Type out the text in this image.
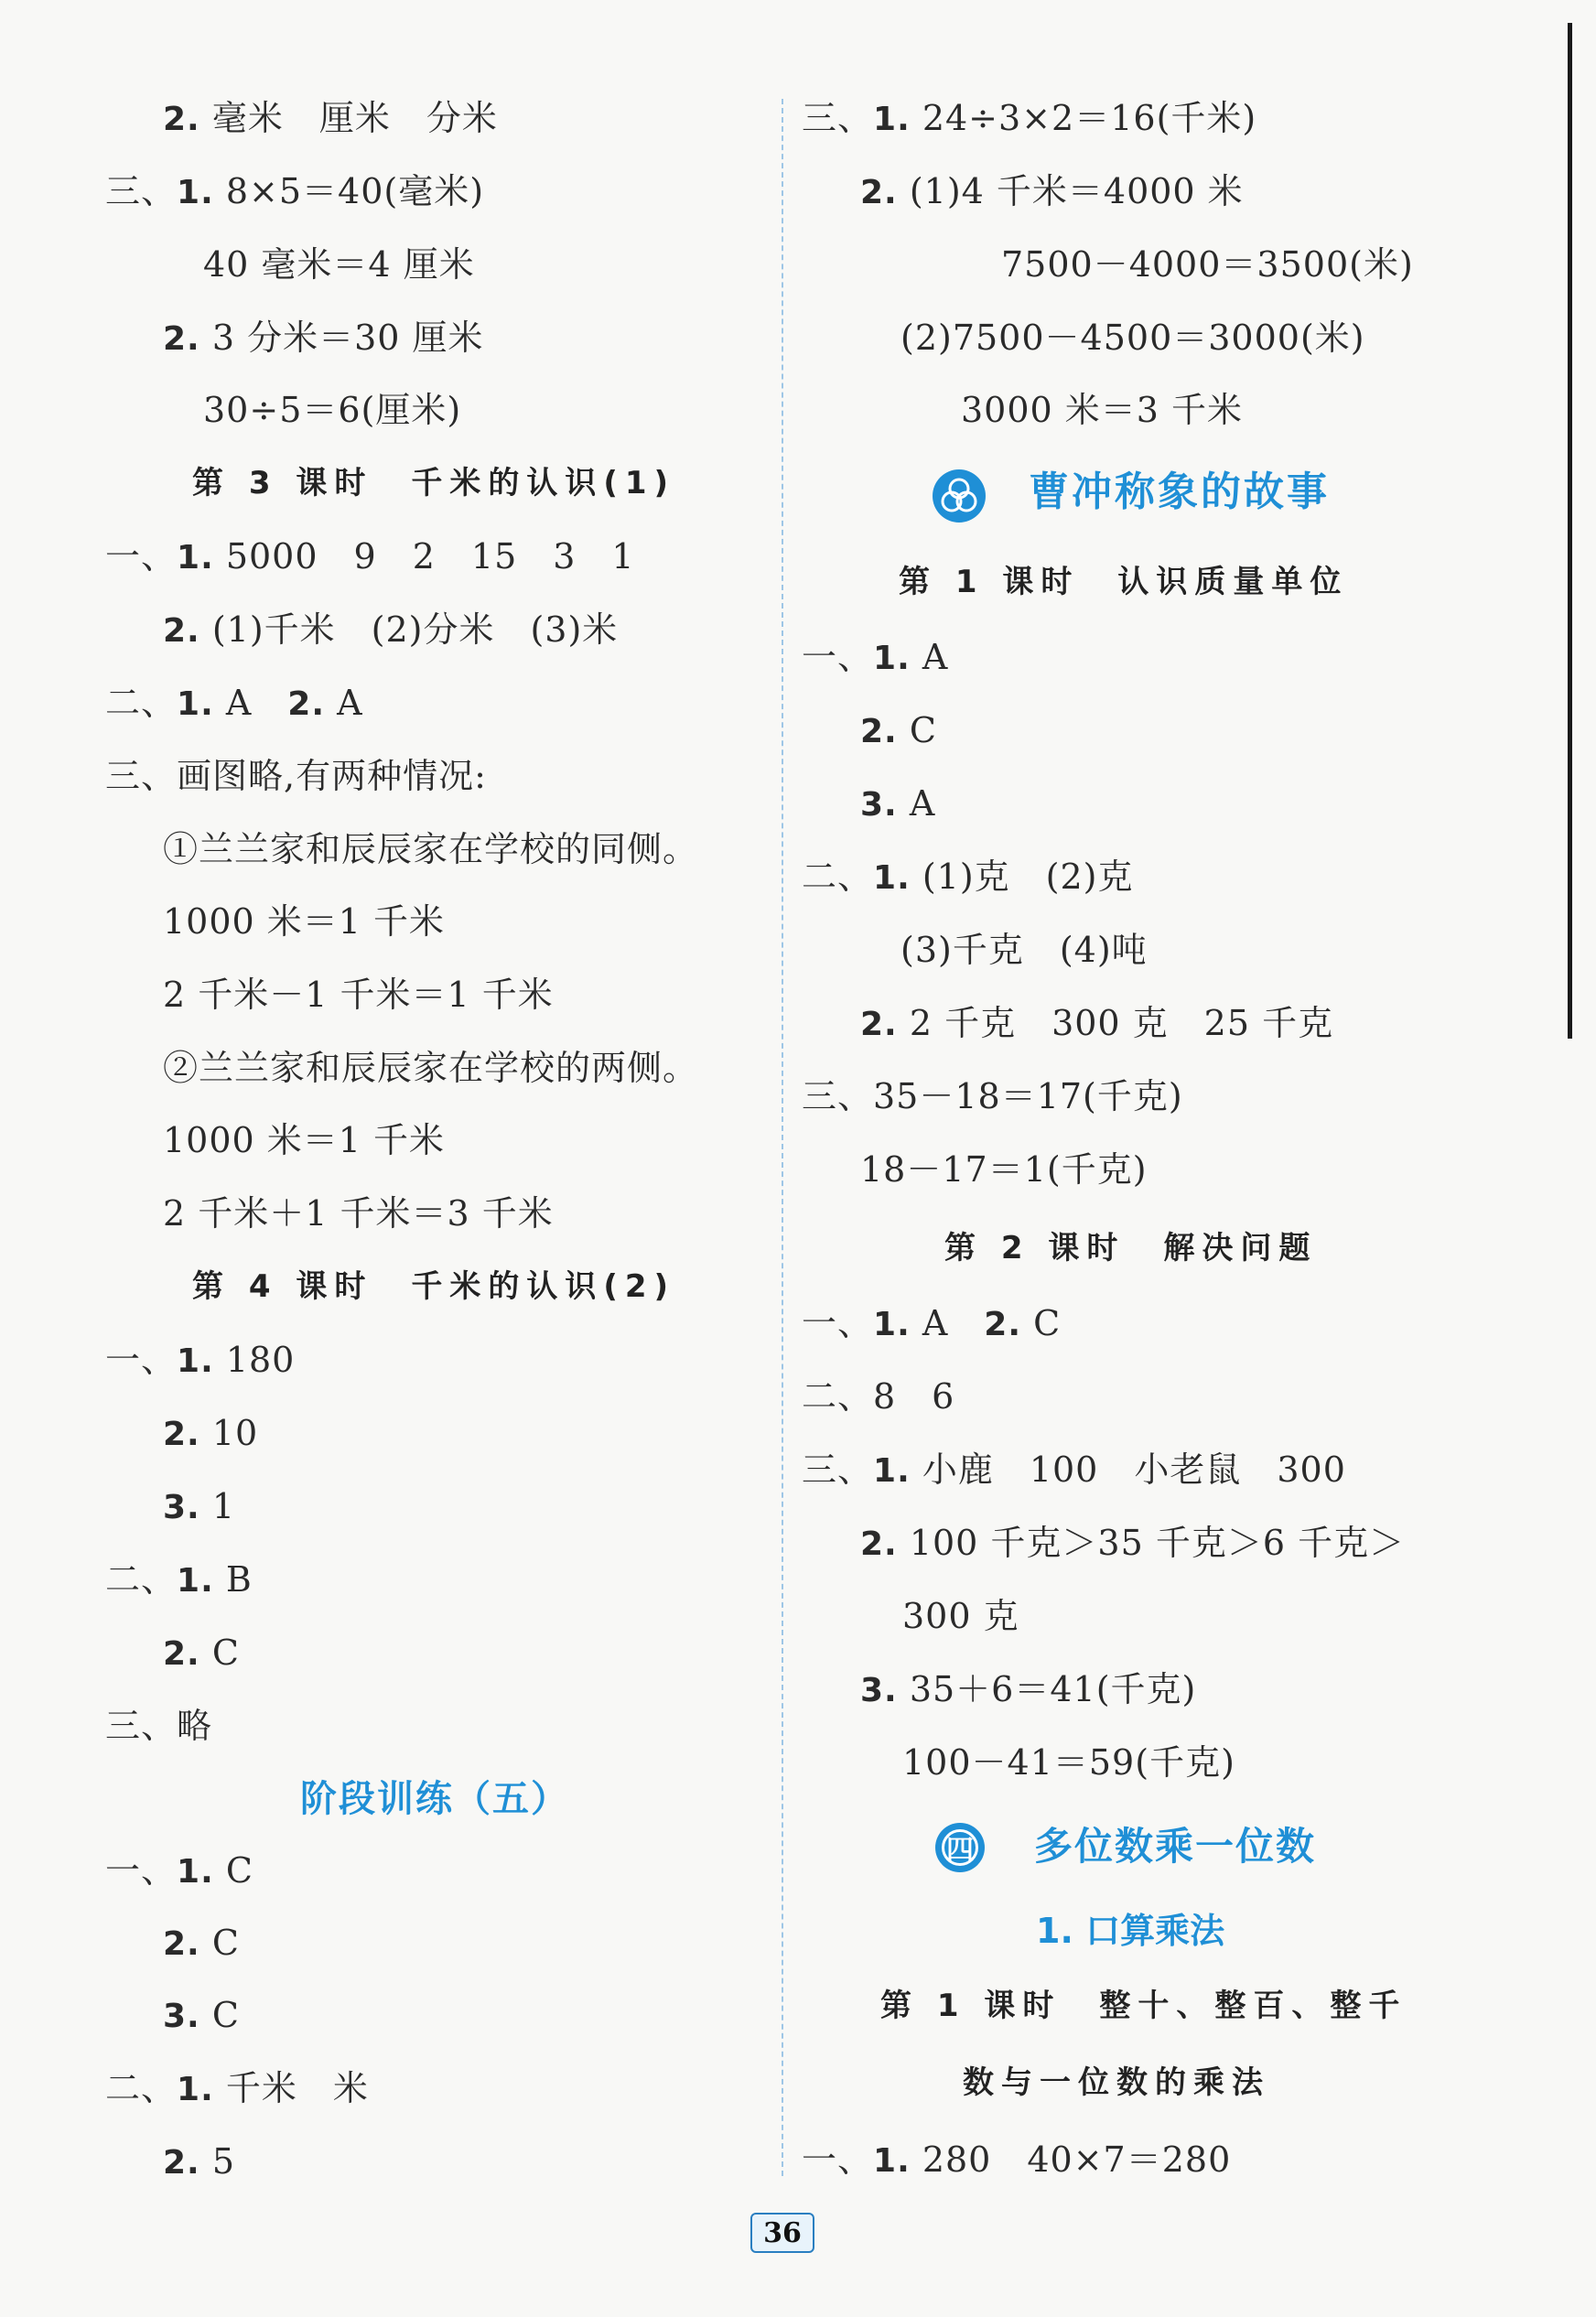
2. 毫米　厘米　分米
三、1. 8×5＝40(毫米)
40 毫米＝4 厘米
2. 3 分米＝30 厘米
30÷5＝6(厘米)
第 3 课时　千米的认识(1)
一、1. 5000　9　2　15　3　1
2. (1)千米　(2)分米　(3)米
二、1. A　2. A
三、画图略,有两种情况:
①兰兰家和辰辰家在学校的同侧。
1000 米＝1 千米
2 千米－1 千米＝1 千米
②兰兰家和辰辰家在学校的两侧。
1000 米＝1 千米
2 千米＋1 千米＝3 千米
第 4 课时　千米的认识(2)
一、1. 180
2. 10
3. 1
二、1. B
2. C
三、略
阶段训练（五）
一、1. C
2. C
3. C
二、1. 千米　米
2. 5
三、1. 24÷3×2＝16(千米)
2. (1)4 千米＝4000 米
7500－4000＝3500(米)
(2)7500－4500＝3000(米)
3000 米＝3 千米
曹冲称象的故事
第 1 课时　认识质量单位
一、1. A
2. C
3. A
二、1. (1)克　(2)克
(3)千克　(4)吨
2. 2 千克　300 克　25 千克
三、35－18＝17(千克)
18－17＝1(千克)
第 2 课时　解决问题
一、1. A　2. C
二、8　6
三、1. 小鹿　100　小老鼠　300
2. 100 千克＞35 千克＞6 千克＞
300 克
3. 35＋6＝41(千克)
100－41＝59(千克)
四 多位数乘一位数
1. 口算乘法
第 1 课时　整十、整百、整千
数与一位数的乘法
一、1. 280　40×7＝280
36
